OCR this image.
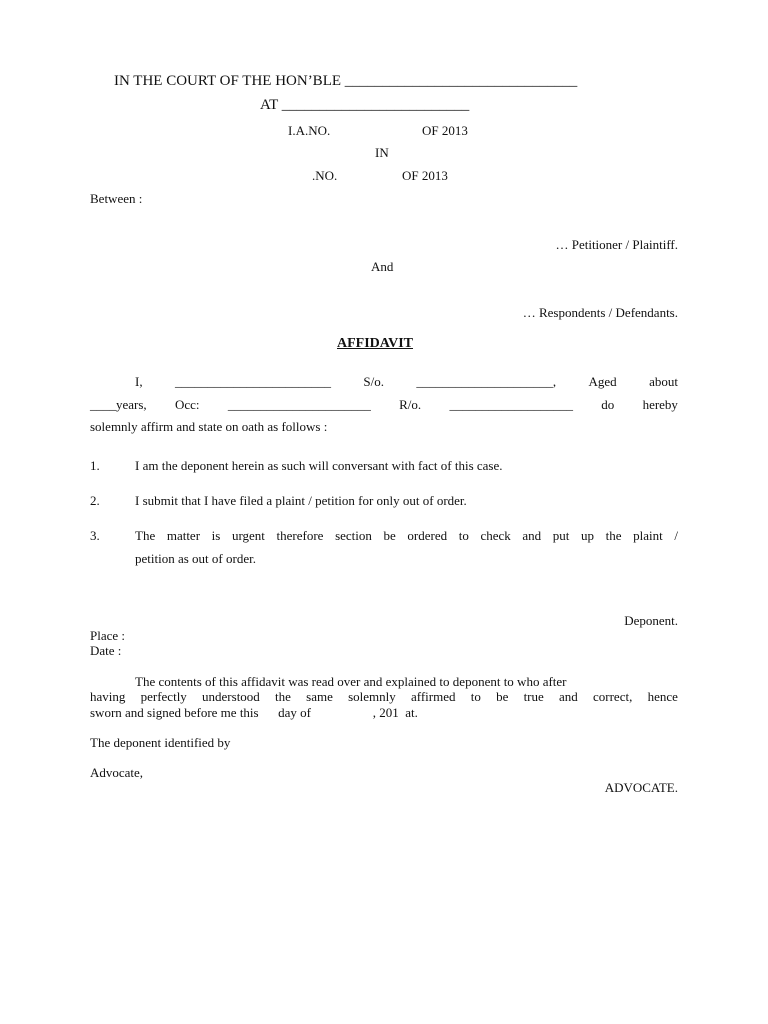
IN THE COURT OF THE HON’BLE _______________________________
AT _________________________
I.A.NO.	OF 2013
IN
.NO.	OF 2013
Between :
… Petitioner / Plaintiff.
And
… Respondents / Defendants.
AFFIDAVIT
I, ________________________ S/o. _____________________, Aged about
____years, Occ: ______________________ R/o. ___________________ do hereby
solemnly affirm and state on oath as follows :
1.	I am the deponent herein as such will conversant with fact of this case.
2.	I submit that I have filed a plaint / petition for only out of order.
3.	The matter is urgent therefore section be ordered to check and put up the plaint /
petition as out of order.
Deponent.
Place :
Date :
The contents of this affidavit was read over and explained to deponent to who after
having perfectly understood the same solemnly affirmed to be true and correct, hence
sworn and signed before me this      day of                   , 201  at.
The deponent identified by
Advocate,
ADVOCATE.
